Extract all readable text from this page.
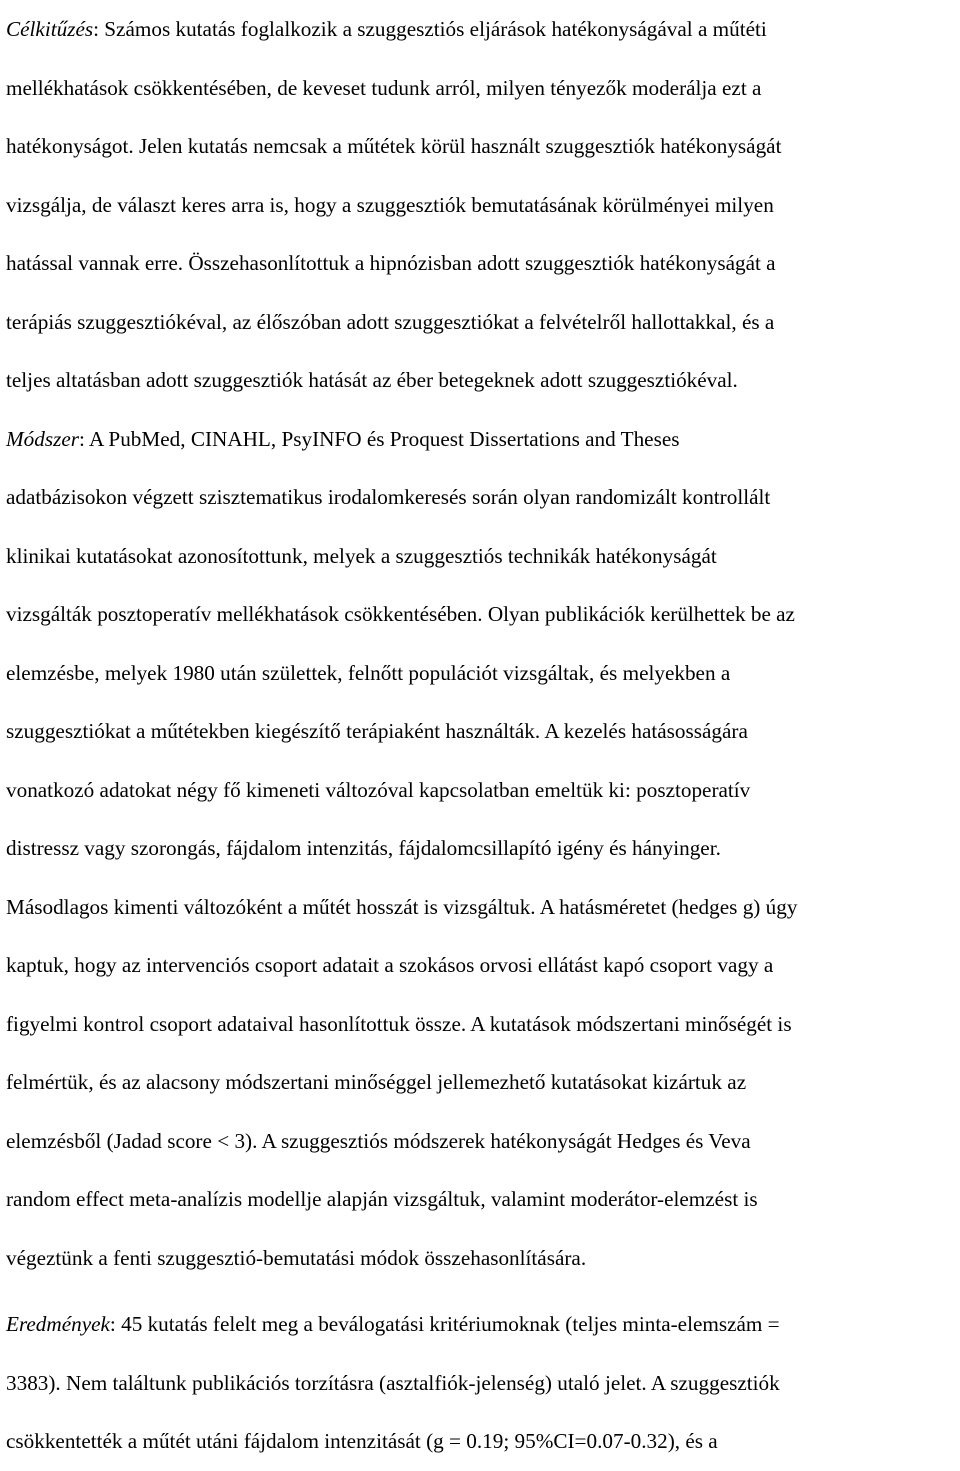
Célkitűzés: Számos kutatás foglalkozik a szuggesztiós eljárások hatékonyságával a műtéti
mellékhatások csökkentésében, de keveset tudunk arról, milyen tényezők moderálja ezt a
hatékonyságot. Jelen kutatás nemcsak a műtétek körül használt szuggesztiók hatékonyságát
vizsgálja, de választ keres arra is, hogy a szuggesztiók bemutatásának körülményei milyen
hatással vannak erre. Összehasonlítottuk a hipnózisban adott szuggesztiók hatékonyságát a
terápiás szuggesztiókéval, az élőszóban adott szuggesztiókat a felvételről hallottakkal, és a
teljes altatásban adott szuggesztiók hatását az éber betegeknek adott szuggesztiókéval.
Módszer: A PubMed, CINAHL, PsyINFO és Proquest Dissertations and Theses
adatbázisokon végzett szisztematikus irodalomkeresés során olyan randomizált kontrollált
klinikai kutatásokat azonosítottunk, melyek a szuggesztiós technikák hatékonyságát
vizsgálták posztoperatív mellékhatások csökkentésében. Olyan publikációk kerülhettek be az
elemzésbe, melyek 1980 után születtek, felnőtt populációt vizsgáltak, és melyekben a
szuggesztiókat a műtétekben kiegészítő terápiaként használták. A kezelés hatásosságára
vonatkozó adatokat négy fő kimeneti változóval kapcsolatban emeltük ki: posztoperatív
distressz vagy szorongás, fájdalom intenzitás, fájdalomcsillapító igény és hányinger.
Másodlagos kimenti változóként a műtét hosszát is vizsgáltuk. A hatásméretet (hedges g) úgy
kaptuk, hogy az intervenciós csoport adatait a szokásos orvosi ellátást kapó csoport vagy a
figyelmi kontrol csoport adataival hasonlítottuk össze. A kutatások módszertani minőségét is
felmértük, és az alacsony módszertani minőséggel jellemezhető kutatásokat kizártuk az
elemzésből (Jadad score < 3). A szuggesztiós módszerek hatékonyságát Hedges és Veva
random effect meta-analízis modellje alapján vizsgáltuk, valamint moderátor-elemzést is
végeztünk a fenti szuggesztió-bemutatási módok összehasonlítására.
Eredmények: 45 kutatás felelt meg a beválogatási kritériumoknak (teljes minta-elemszám =
3383). Nem találtunk publikációs torzításra (asztalfiók-jelenség) utaló jelet. A szuggesztiók
csökkentették a műtét utáni fájdalom intenzitását (g = 0.19; 95%CI=0.07-0.32), és a
